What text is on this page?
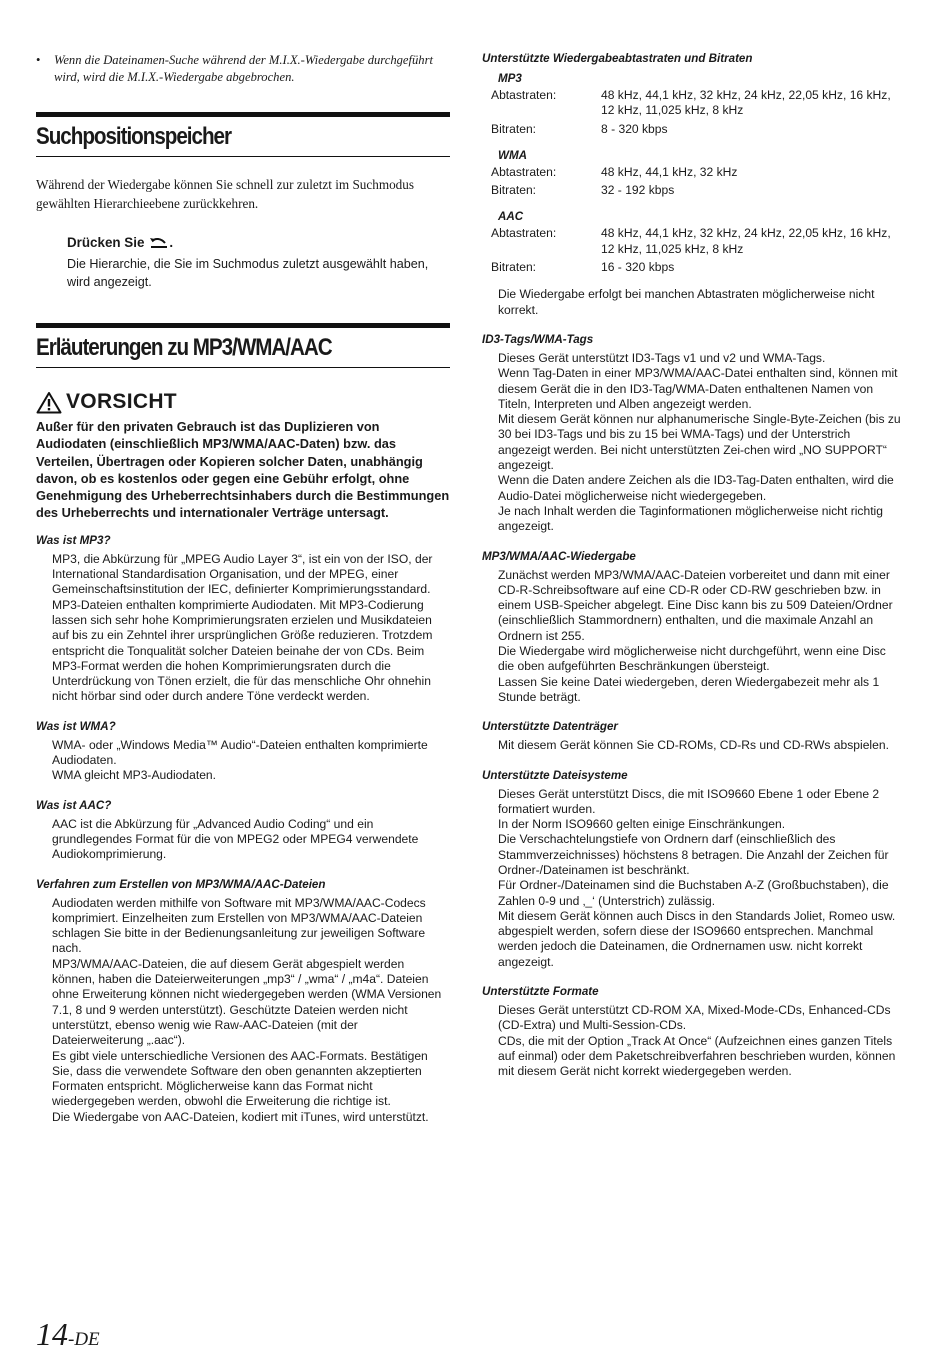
• Wenn die Dateinamen-Suche während der M.I.X.-Wiedergabe durchgeführt wird, wird die M.I.X.-Wiedergabe abgebrochen.
Suchpositionspeicher
Während der Wiedergabe können Sie schnell zur zuletzt im Suchmodus gewählten Hierarchieebene zurückkehren.
Drücken Sie .
Die Hierarchie, die Sie im Suchmodus zuletzt ausgewählt haben, wird angezeigt.
Erläuterungen zu MP3/WMA/AAC
VORSICHT
Außer für den privaten Gebrauch ist das Duplizieren von Audiodaten (einschließlich MP3/WMA/AAC-Daten) bzw. das Verteilen, Übertragen oder Kopieren solcher Daten, unabhängig davon, ob es kostenlos oder gegen eine Gebühr erfolgt, ohne Genehmigung des Urheberrechtsinhabers durch die Bestimmungen des Urheberrechts und internationaler Verträge untersagt.
Was ist MP3?
MP3, die Abkürzung für „MPEG Audio Layer 3“, ist ein von der ISO, der International Standardisation Organisation, und der MPEG, einer Gemeinschaftsinstitution der IEC, definierter Komprimierungsstandard. MP3-Dateien enthalten komprimierte Audiodaten. Mit MP3-Codierung lassen sich sehr hohe Komprimierungsraten erzielen und Musikdateien auf bis zu ein Zehntel ihrer ursprünglichen Größe reduzieren. Trotzdem entspricht die Tonqualität solcher Dateien beinahe der von CDs. Beim MP3-Format werden die hohen Komprimierungsraten durch die Unterdrückung von Tönen erzielt, die für das menschliche Ohr ohnehin nicht hörbar sind oder durch andere Töne verdeckt werden.
Was ist WMA?

WMA- oder „Windows Media™ Audio“-Dateien enthalten komprimierte Audiodaten.

WMA gleicht MP3-Audiodaten.

Was ist AAC?
AAC ist die Abkürzung für „Advanced Audio Coding“ und ein grundlegendes Format für die von MPEG2 oder MPEG4 verwendete Audiokomprimierung.
Verfahren zum Erstellen von MP3/WMA/AAC-Dateien

Audiodaten werden mithilfe von Software mit MP3/WMA/AAC-Codecs komprimiert. Einzelheiten zum Erstellen von MP3/WMA/AAC-Dateien schlagen Sie bitte in der Bedienungsanleitung zur jeweiligen Software nach.

MP3/WMA/AAC-Dateien, die auf diesem Gerät abgespielt werden können, haben die Dateierweiterungen „mp3“ / „wma“ / „m4a“. Dateien ohne Erweiterung können nicht wiedergegeben werden (WMA Versionen 7.1, 8 und 9 werden unterstützt). Geschützte Dateien werden nicht unterstützt, ebenso wenig wie Raw-AAC-Dateien (mit der Dateierweiterung „.aac“).

Es gibt viele unterschiedliche Versionen des AAC-Formats. Bestätigen Sie, dass die verwendete Software den oben genannten akzeptierten Formaten entspricht. Möglicherweise kann das Format nicht wiedergegeben werden, obwohl die Erweiterung die richtige ist.

Die Wiedergabe von AAC-Dateien, kodiert mit iTunes, wird unterstützt.

Unterstützte Wiedergabeabtastraten und Bitraten
MP3
Abtastraten:	48 kHz, 44,1 kHz, 32 kHz, 24 kHz, 22,05 kHz, 16 kHz, 12 kHz, 11,025 kHz, 8 kHz
Bitraten:	8 - 320 kbps
WMA
Abtastraten:	48 kHz, 44,1 kHz, 32 kHz
Bitraten:	32 - 192 kbps
AAC
Abtastraten:	48 kHz, 44,1 kHz, 32 kHz, 24 kHz, 22,05 kHz, 16 kHz, 12 kHz, 11,025 kHz, 8 kHz
Bitraten:	16 - 320 kbps
Die Wiedergabe erfolgt bei manchen Abtastraten möglicherweise nicht korrekt.
ID3-Tags/WMA-Tags

Dieses Gerät unterstützt ID3-Tags v1 und v2 und WMA-Tags.

Wenn Tag-Daten in einer MP3/WMA/AAC-Datei enthalten sind, können mit diesem Gerät die in den ID3-Tag/WMA-Daten enthaltenen Namen von Titeln, Interpreten und Alben angezeigt werden.

Mit diesem Gerät können nur alphanumerische Single-Byte-Zeichen (bis zu 30 bei ID3-Tags und bis zu 15 bei WMA-Tags) und der Unterstrich angezeigt werden. Bei nicht unterstützten Zei-chen wird „NO SUPPORT“ angezeigt.

Wenn die Daten andere Zeichen als die ID3-Tag-Daten enthalten, wird die Audio-Datei möglicherweise nicht wiedergegeben.

Je nach Inhalt werden die Taginformationen möglicherweise nicht richtig angezeigt.

MP3/WMA/AAC-Wiedergabe

Zunächst werden MP3/WMA/AAC-Dateien vorbereitet und dann mit einer CD-R-Schreibsoftware auf eine CD-R oder CD-RW geschrieben bzw. in einem USB-Speicher abgelegt. Eine Disc kann bis zu 509 Dateien/Ordner (einschließlich Stammordnern) enthalten, und die maximale Anzahl an Ordnern ist 255.

Die Wiedergabe wird möglicherweise nicht durchgeführt, wenn eine Disc die oben aufgeführten Beschränkungen übersteigt.

Lassen Sie keine Datei wiedergeben, deren Wiedergabezeit mehr als 1 Stunde beträgt.

Unterstützte Datenträger
Mit diesem Gerät können Sie CD-ROMs, CD-Rs und CD-RWs abspielen.
Unterstützte Dateisysteme

Dieses Gerät unterstützt Discs, die mit ISO9660 Ebene 1 oder Ebene 2 formatiert wurden.

In der Norm ISO9660 gelten einige Einschränkungen.

Die Verschachtelungstiefe von Ordnern darf (einschließlich des Stammverzeichnisses) höchstens 8 betragen. Die Anzahl der Zeichen für Ordner-/Dateinamen ist beschränkt.

Für Ordner-/Dateinamen sind die Buchstaben A-Z (Großbuchstaben), die Zahlen 0-9 und ‚_‘ (Unterstrich) zulässig.

Mit diesem Gerät können auch Discs in den Standards Joliet, Romeo usw. abgespielt werden, sofern diese der ISO9660 entsprechen. Manchmal werden jedoch die Dateinamen, die Ordnernamen usw. nicht korrekt angezeigt.

Unterstützte Formate

Dieses Gerät unterstützt CD-ROM XA, Mixed-Mode-CDs, Enhanced-CDs (CD-Extra) und Multi-Session-CDs.

CDs, die mit der Option „Track At Once“ (Aufzeichnen eines ganzen Titels auf einmal) oder dem Paketschreibverfahren beschrieben wurden, können mit diesem Gerät nicht korrekt wiedergegeben werden.

14-DE
